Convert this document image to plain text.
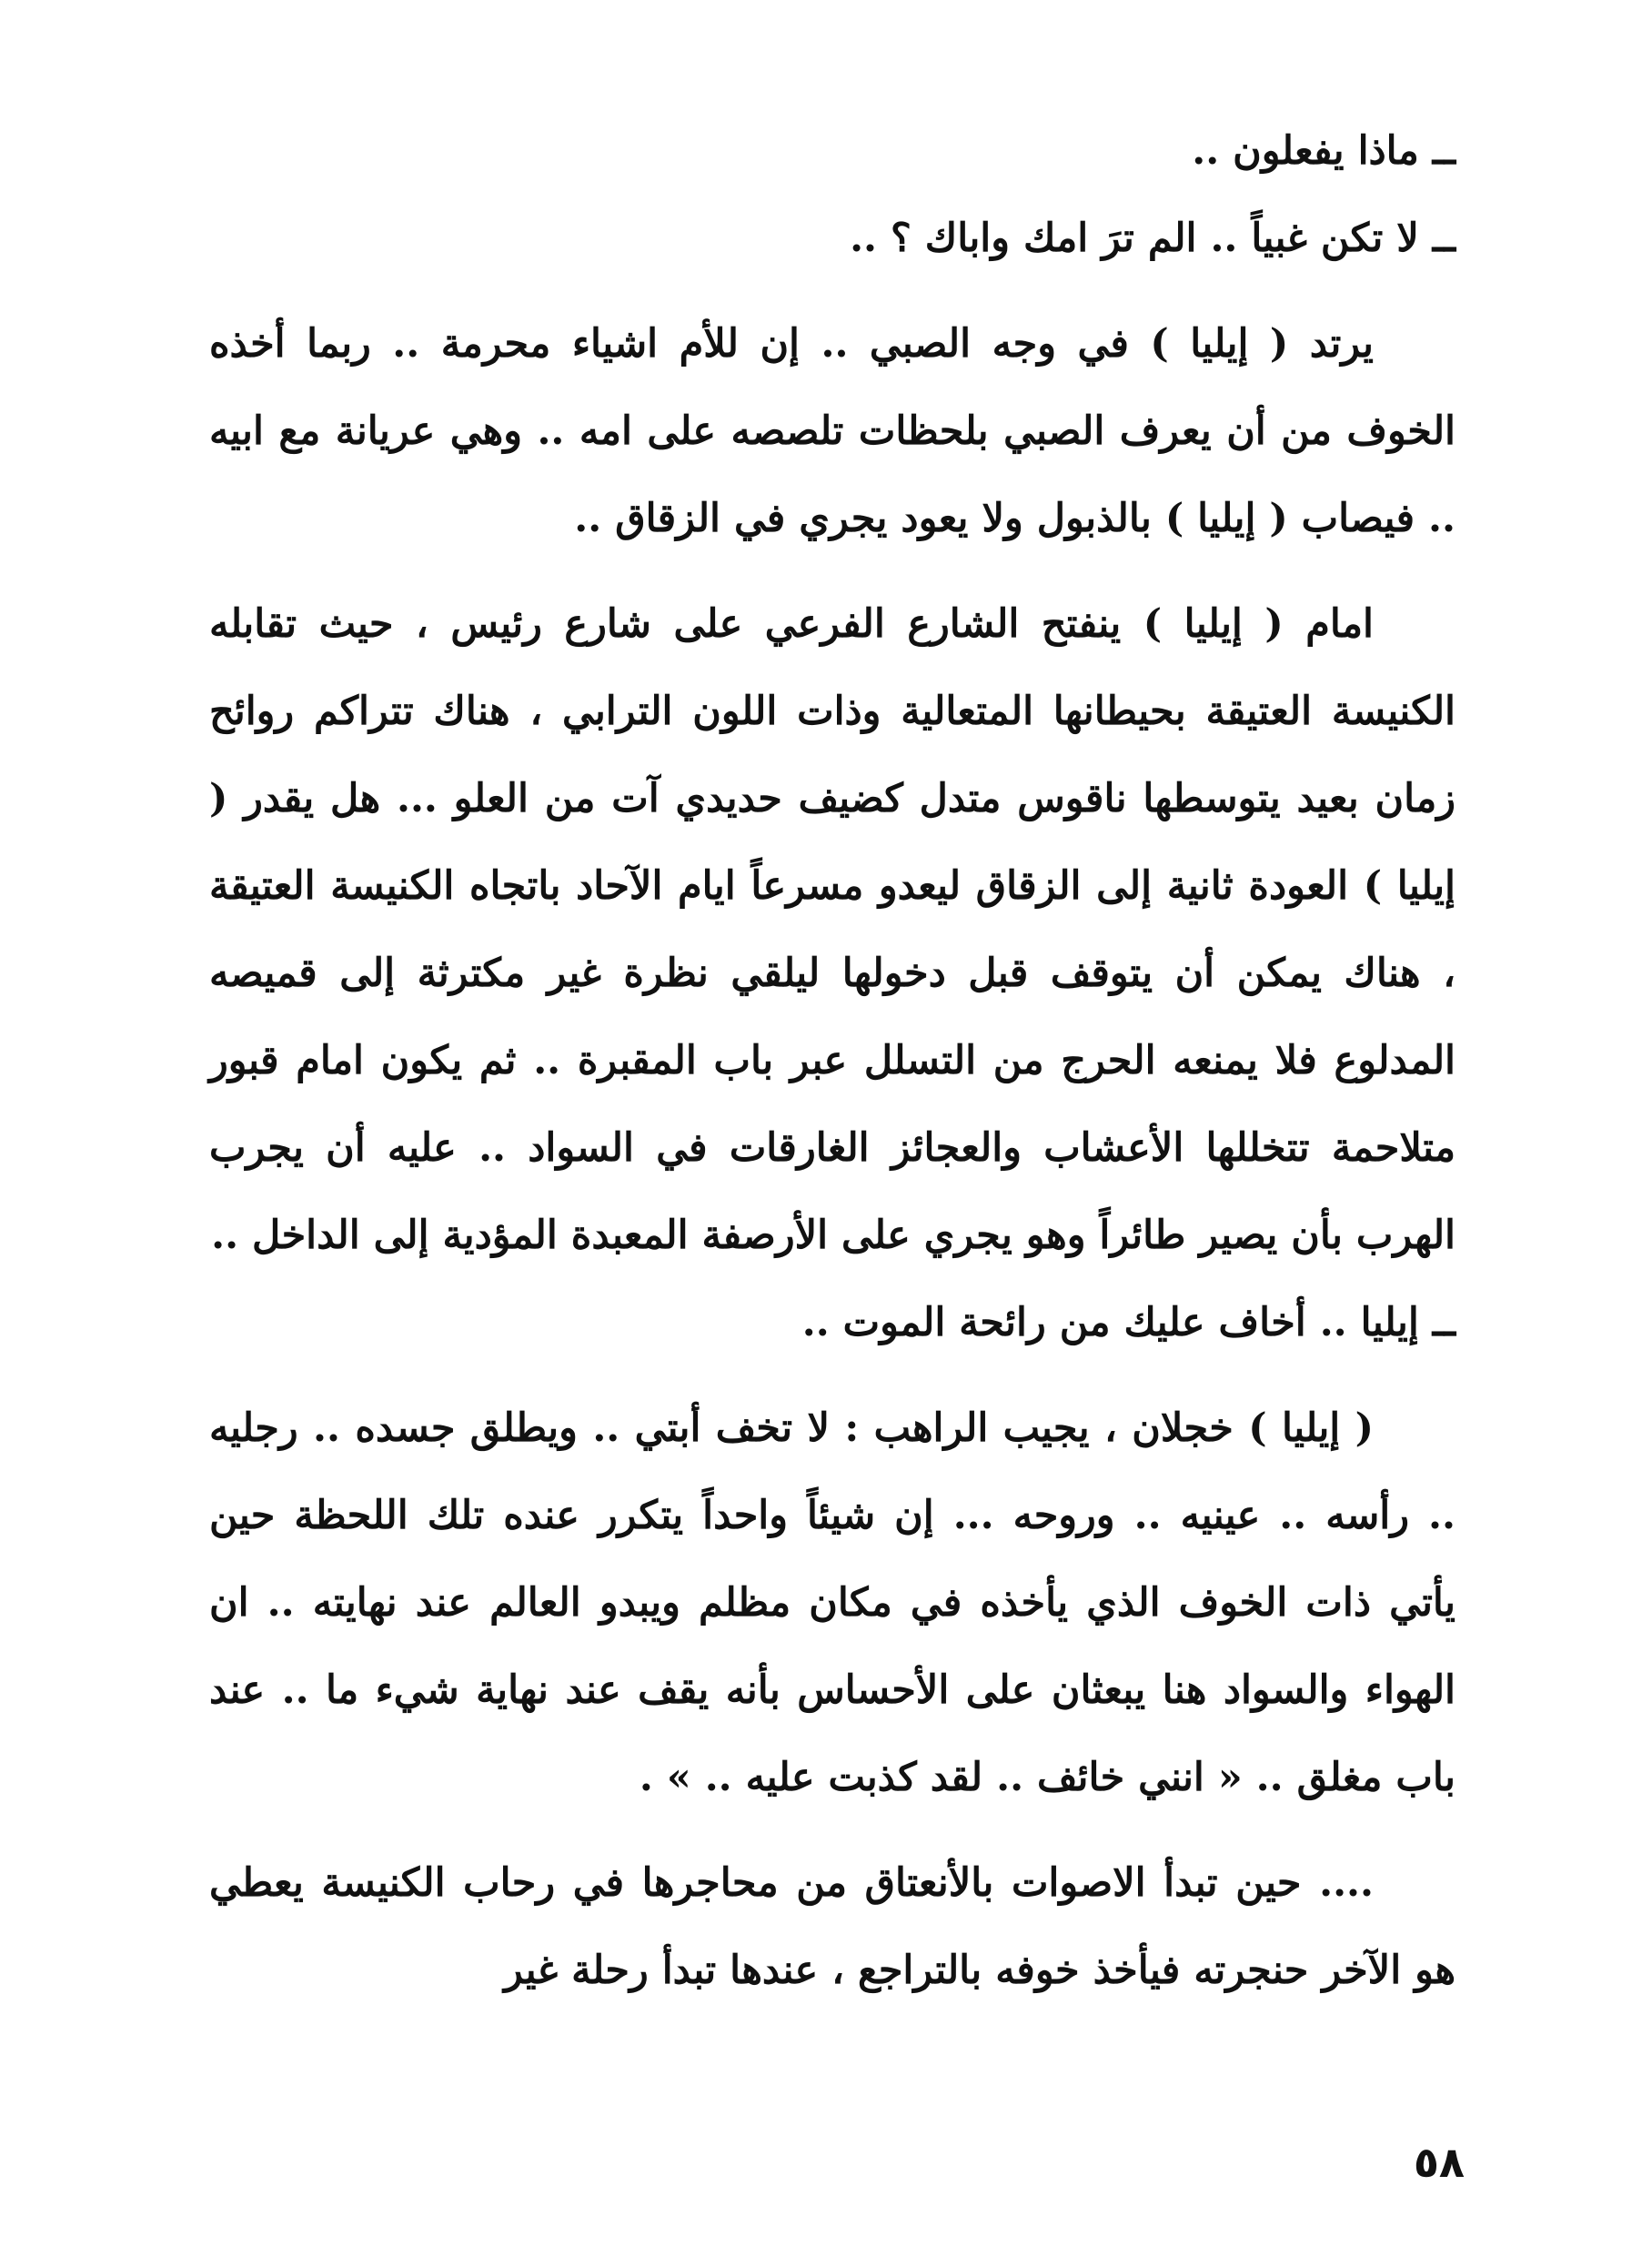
ــ ماذا يفعلون ..

ــ لا تكن غبياً .. الم ترَ امك واباك ؟ ..

يرتد ( إيليا ) في وجه الصبي .. إن للأم اشياء محرمة .. ربما أخذه الخوف من أن يعرف الصبي بلحظات تلصصه على امه .. وهي عريانة مع ابيه .. فيصاب ( إيليا ) بالذبول ولا يعود يجري في الزقاق ..

امام ( إيليا ) ينفتح الشارع الفرعي على شارع رئيس ، حيث تقابله الكنيسة العتيقة بحيطانها المتعالية وذات اللون الترابي ، هناك تتراكم روائح زمان بعيد يتوسطها ناقوس متدل كضيف حديدي آت من العلو ... هل يقدر ( إيليا ) العودة ثانية إلى الزقاق ليعدو مسرعاً ايام الآحاد باتجاه الكنيسة العتيقة ، هناك يمكن أن يتوقف قبل دخولها ليلقي نظرة غير مكترثة إلى قميصه المدلوع فلا يمنعه الحرج من التسلل عبر باب المقبرة .. ثم يكون امام قبور متلاحمة تتخللها الأعشاب والعجائز الغارقات في السواد .. عليه أن يجرب الهرب بأن يصير طائراً وهو يجري على الأرصفة المعبدة المؤدية إلى الداخل ..

ــ إيليا .. أخاف عليك من رائحة الموت ..

( إيليا ) خجلان ، يجيب الراهب : لا تخف أبتي .. ويطلق جسده .. رجليه .. رأسه .. عينيه .. وروحه ... إن شيئاً واحداً يتكرر عنده تلك اللحظة حين يأتي ذات الخوف الذي يأخذه في مكان مظلم ويبدو العالم عند نهايته .. ان الهواء والسواد هنا يبعثان على الأحساس بأنه يقف عند نهاية شيء ما .. عند باب مغلق .. « انني خائف .. لقد كذبت عليه .. » .

.... حين تبدأ الاصوات بالأنعتاق من محاجرها في رحاب الكنيسة يعطي هو الآخر حنجرته فيأخذ خوفه بالتراجع ، عندها تبدأ رحلة غير

٥٨
